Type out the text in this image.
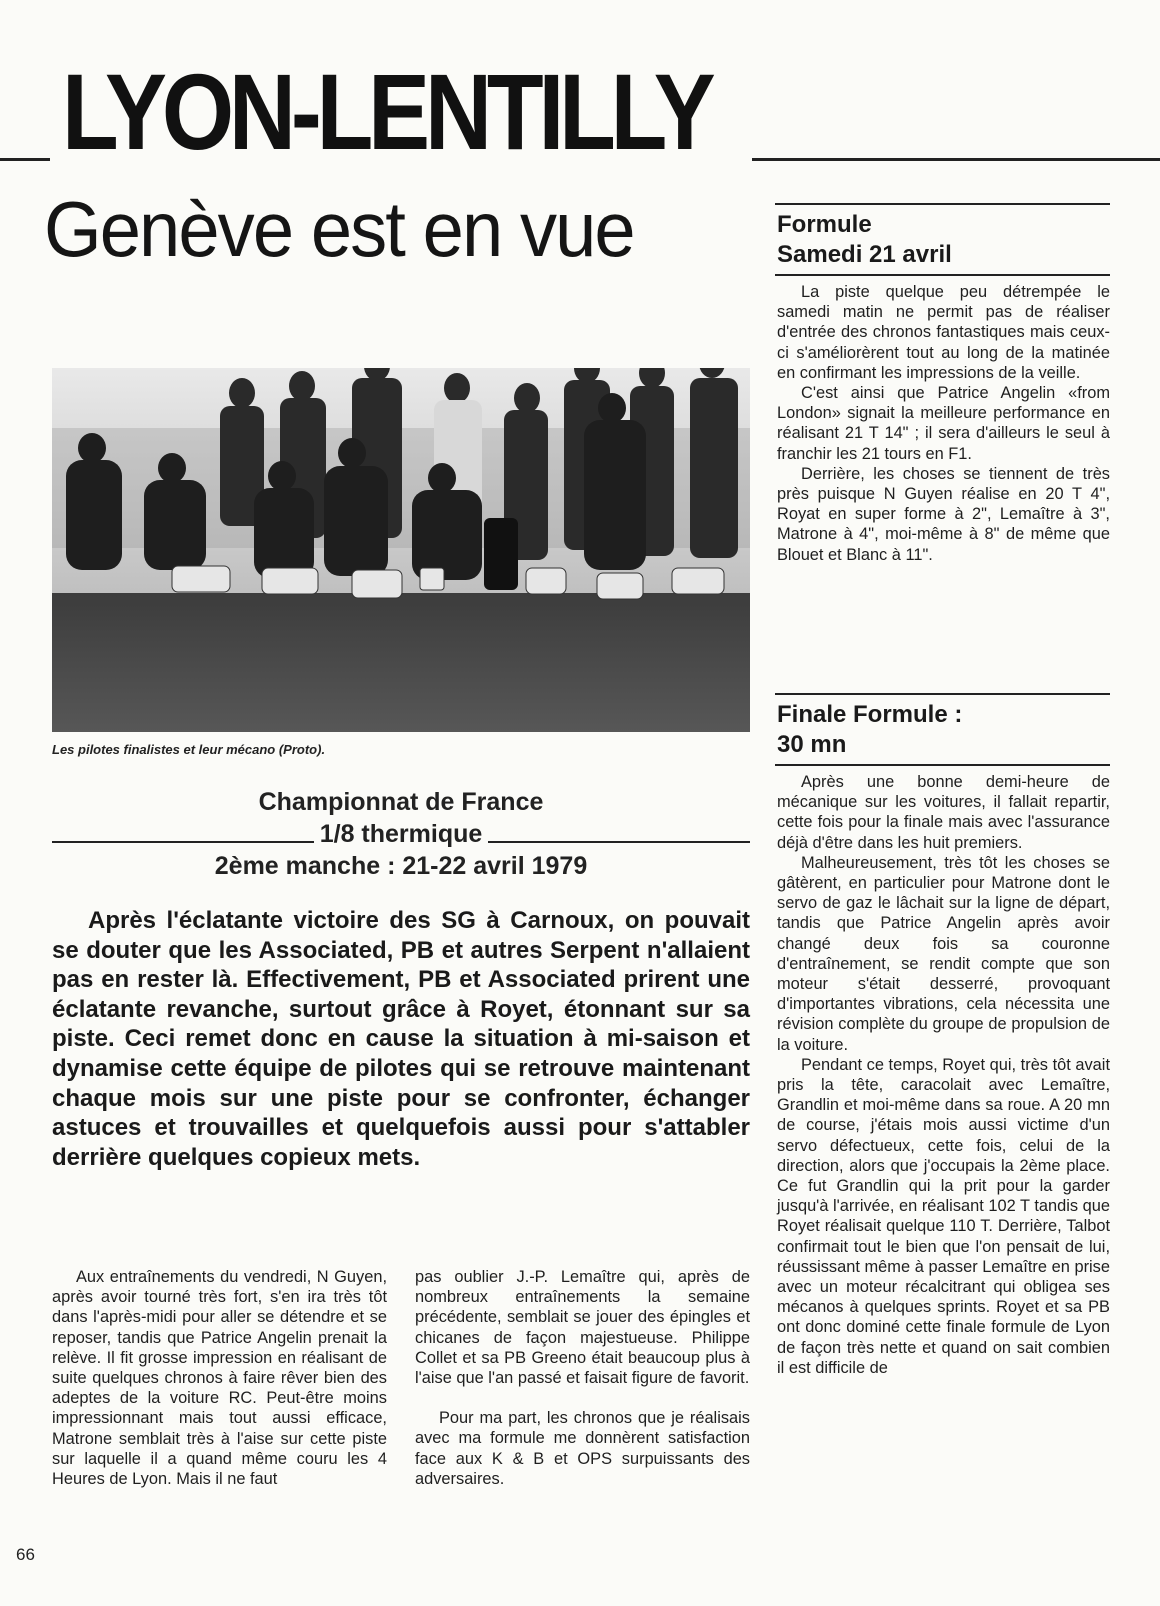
LYON-LENTILLY
Genève est en vue
Les pilotes finalistes et leur mécano (Proto).
Championnat de France
1/8 thermique
2ème manche : 21-22 avril 1979
Après l'éclatante victoire des SG à Carnoux, on pouvait se douter que les Associated, PB et autres Serpent n'allaient pas en rester là. Effectivement, PB et Associated prirent une éclatante revanche, surtout grâce à Royet, étonnant sur sa piste. Ceci remet donc en cause la situation à mi-saison et dynamise cette équipe de pilotes qui se retrouve maintenant chaque mois sur une piste pour se confronter, échanger astuces et trouvailles et quelquefois aussi pour s'attabler derrière quelques copieux mets.

Aux entraînements du vendredi, N Guyen, après avoir tourné très fort, s'en ira très tôt dans l'après-midi pour aller se détendre et se reposer, tandis que Patrice Angelin prenait la relève. Il fit grosse impression en réalisant de suite quelques chronos à faire rêver bien des adeptes de la voiture RC. Peut-être moins impressionnant mais tout aussi efficace, Matrone semblait très à l'aise sur cette piste sur laquelle il a quand même couru les 4 Heures de Lyon. Mais il ne faut

pas oublier J.-P. Lemaître qui, après de nombreux entraînements la semaine précédente, semblait se jouer des épingles et chicanes de façon majestueuse. Philippe Collet et sa PB Greeno était beaucoup plus à l'aise que l'an passé et faisait figure de favorit.

Pour ma part, les chronos que je réalisais avec ma formule me donnèrent satisfaction face aux K & B et OPS surpuissants des adversaires.

Formule
Samedi 21 avril

La piste quelque peu détrempée le samedi matin ne permit pas de réaliser d'entrée des chronos fantastiques mais ceux-ci s'améliorèrent tout au long de la matinée en confirmant les impressions de la veille.

C'est ainsi que Patrice Angelin «from London» signait la meilleure performance en réalisant 21 T 14" ; il sera d'ailleurs le seul à franchir les 21 tours en F1.

Derrière, les choses se tiennent de très près puisque N Guyen réalise en 20 T 4", Royat en super forme à 2", Lemaître à 3", Matrone à 4", moi-même à 8" de même que Blouet et Blanc à 11".

Finale Formule :
30 mn

Après une bonne demi-heure de mécanique sur les voitures, il fallait repartir, cette fois pour la finale mais avec l'assurance déjà d'être dans les huit premiers.

Malheureusement, très tôt les choses se gâtèrent, en particulier pour Matrone dont le servo de gaz le lâchait sur la ligne de départ, tandis que Patrice Angelin après avoir changé deux fois sa couronne d'entraînement, se rendit compte que son moteur s'était desserré, provoquant d'importantes vibrations, cela nécessita une révision complète du groupe de propulsion de la voiture.

Pendant ce temps, Royet qui, très tôt avait pris la tête, caracolait avec Lemaître, Grandlin et moi-même dans sa roue. A 20 mn de course, j'étais mois aussi victime d'un servo défectueux, cette fois, celui de la direction, alors que j'occupais la 2ème place. Ce fut Grandlin qui la prit pour la garder jusqu'à l'arrivée, en réalisant 102 T tandis que Royet réalisait quelque 110 T. Derrière, Talbot confirmait tout le bien que l'on pensait de lui, réussissant même à passer Lemaître en prise avec un moteur récalcitrant qui obligea ses mécanos à quelques sprints. Royet et sa PB ont donc dominé cette finale formule de Lyon de façon très nette et quand on sait combien il est difficile de

66
